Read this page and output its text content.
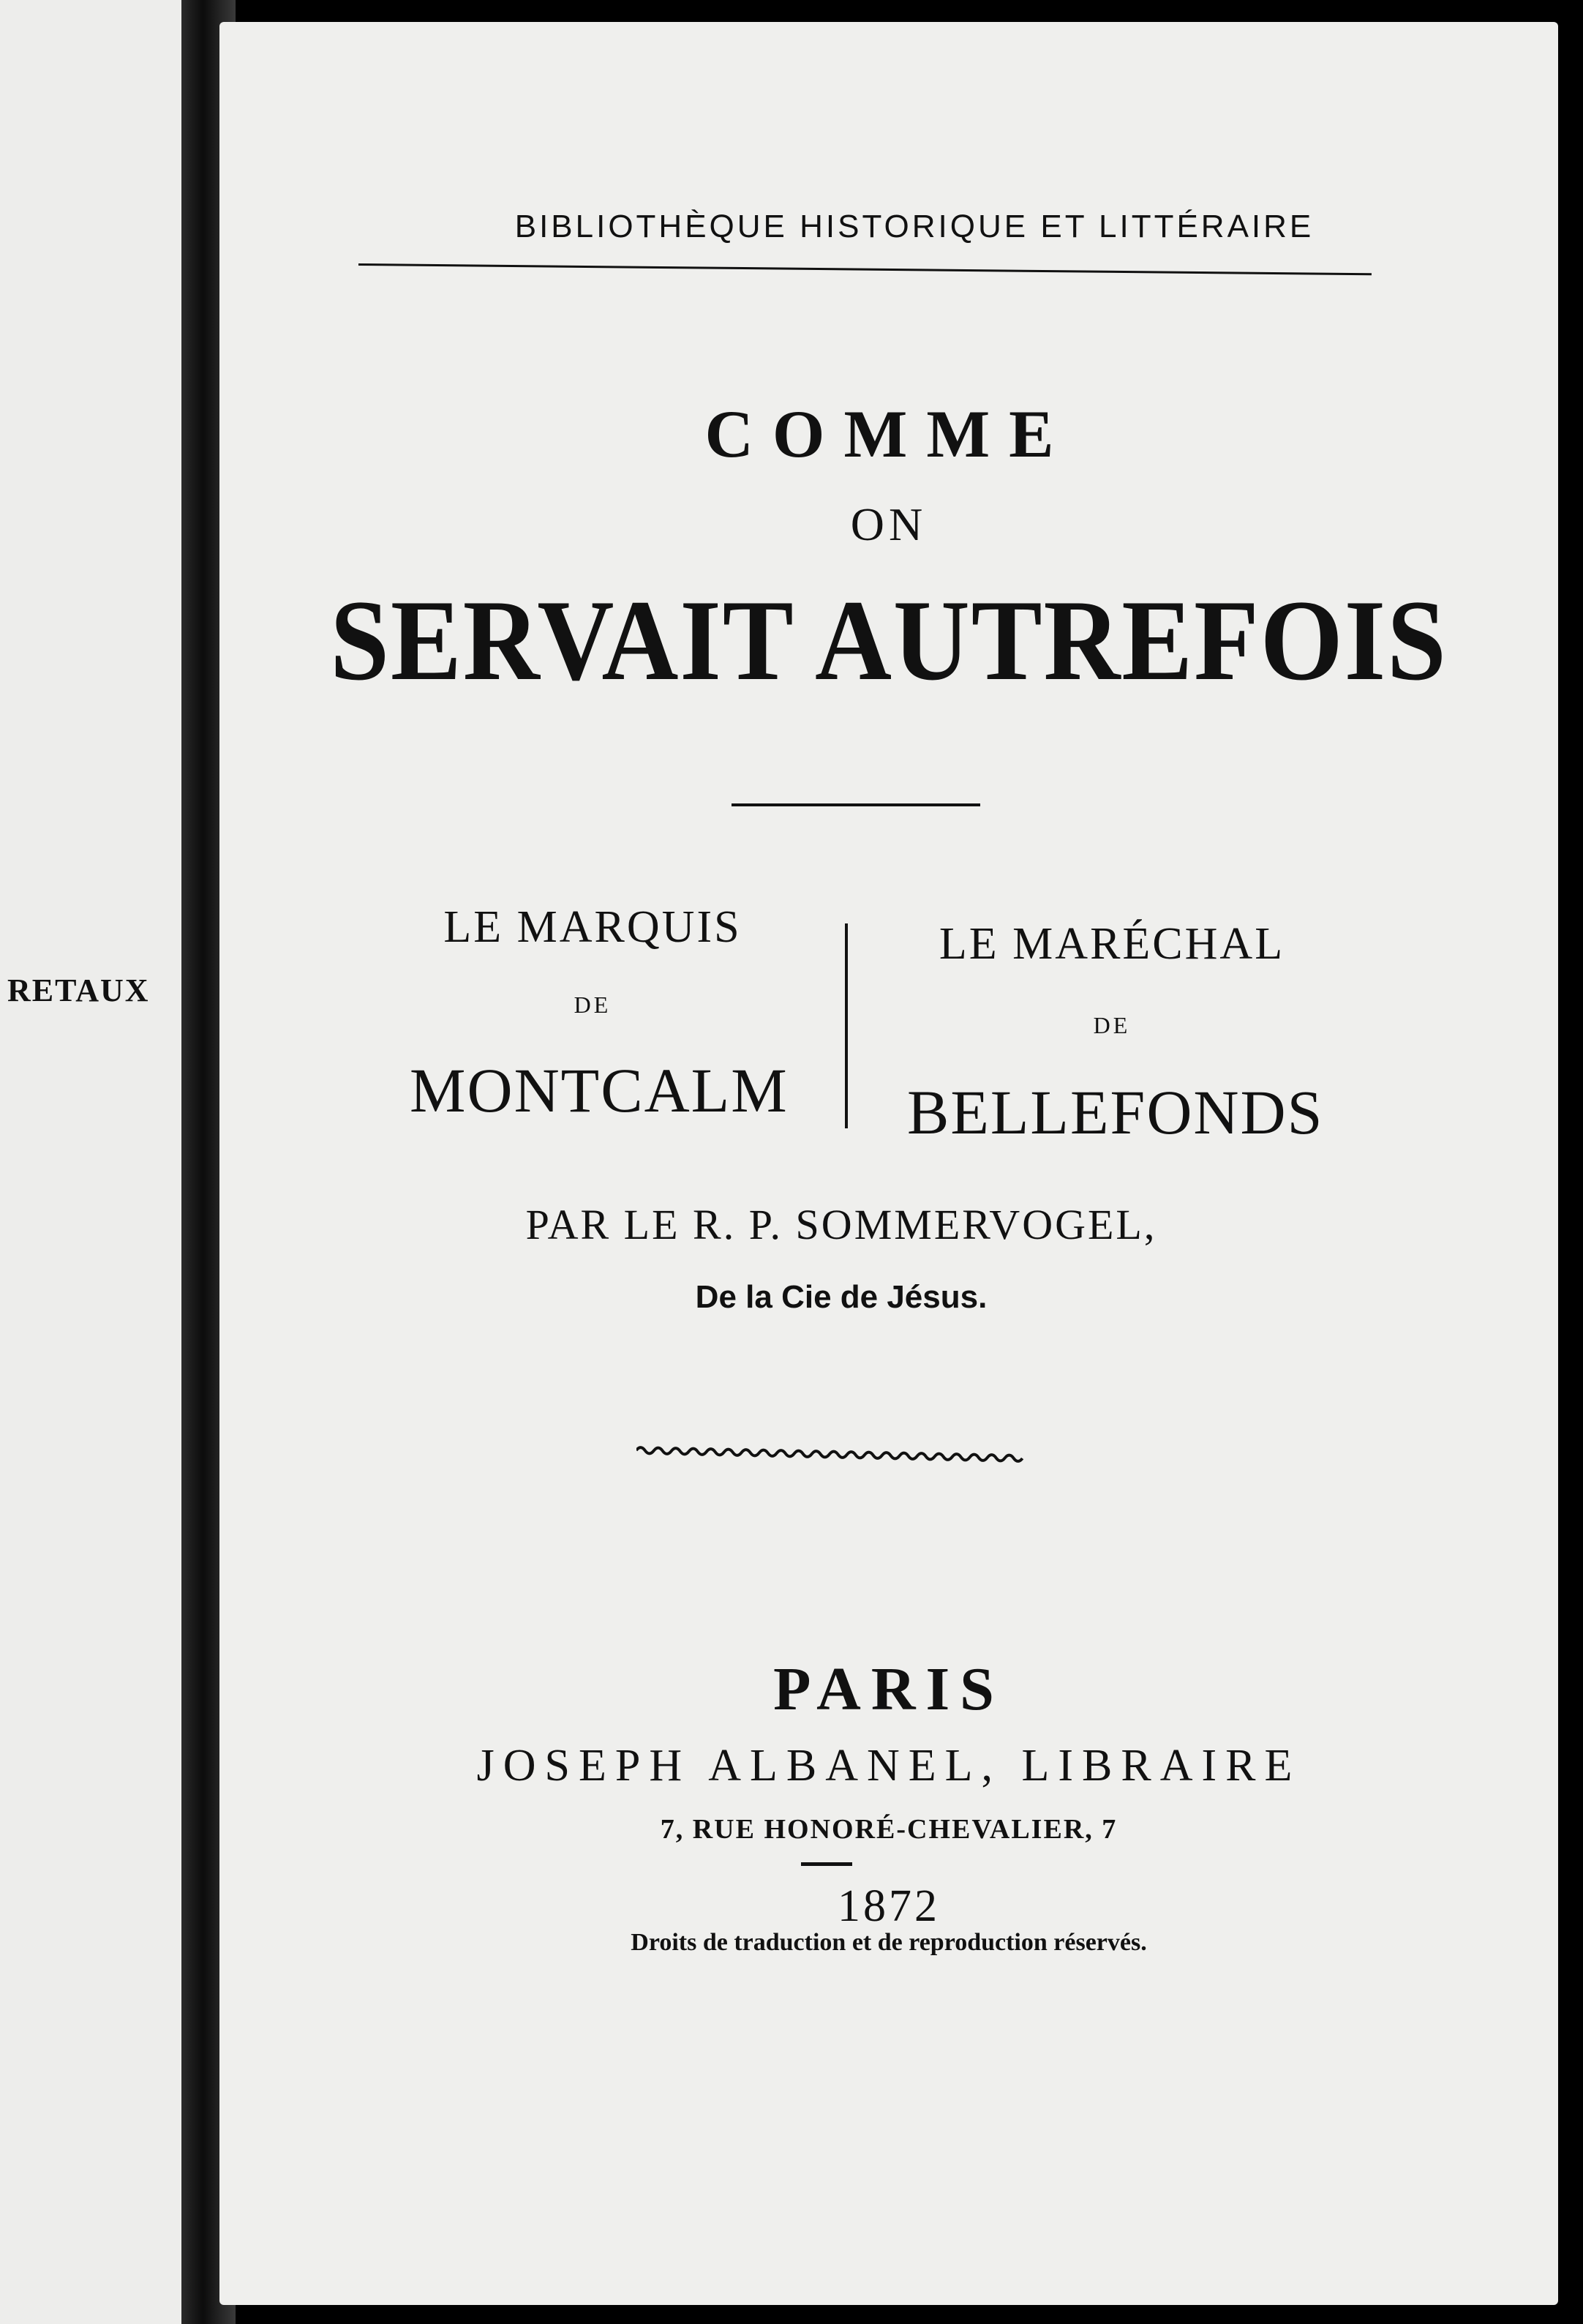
RETAUX
BIBLIOTHÈQUE HISTORIQUE ET LITTÉRAIRE
COMME
ON
SERVAIT AUTREFOIS
LE MARQUIS
DE
MONTCALM
LE MARÉCHAL
DE
BELLEFONDS
PAR LE R. P. SOMMERVOGEL,
De la Cie de Jésus.
PARIS
JOSEPH ALBANEL, LIBRAIRE
7, RUE HONORÉ-CHEVALIER, 7
1872
Droits de traduction et de reproduction réservés.
